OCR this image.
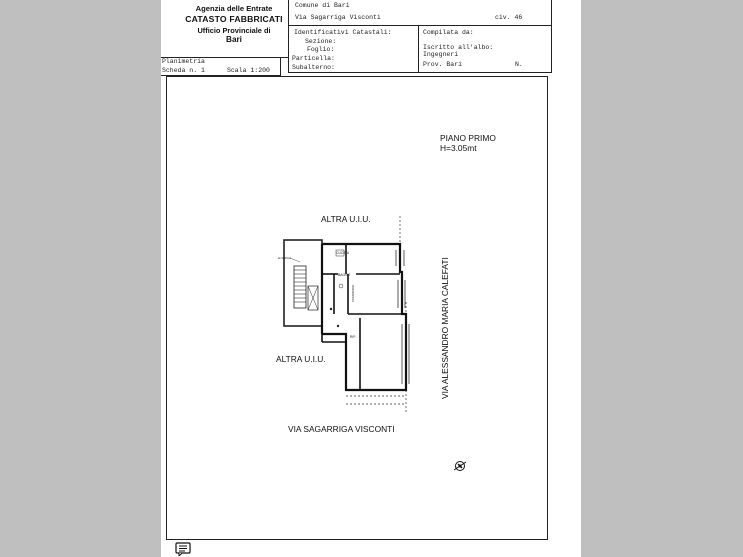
Agenzia delle Entrate
CATASTO FABBRICATI
Ufficio Provinciale di
Bari
Comune di Bari
Via Sagarriga Visconti	civ. 46
Identificativi Catastali:
Sezione:
Foglio:
Particella:
Subalterno:
Compilata da:
Iscritto all'albo:
Ingegneri
Prov. Bari	N.
Planimetria
Scheda n. 1	Scala 1:200
PIANO PRIMO
H=3.05mt
ALTRA U.I.U.
ALTRA U.I.U.
VIA SAGARRIGA VISCONTI
VIA ALESSANDRO MARIA CALEFATI
H=3.05mt
CUCINA
BAGNO
CORRIDOIO
RIP.
